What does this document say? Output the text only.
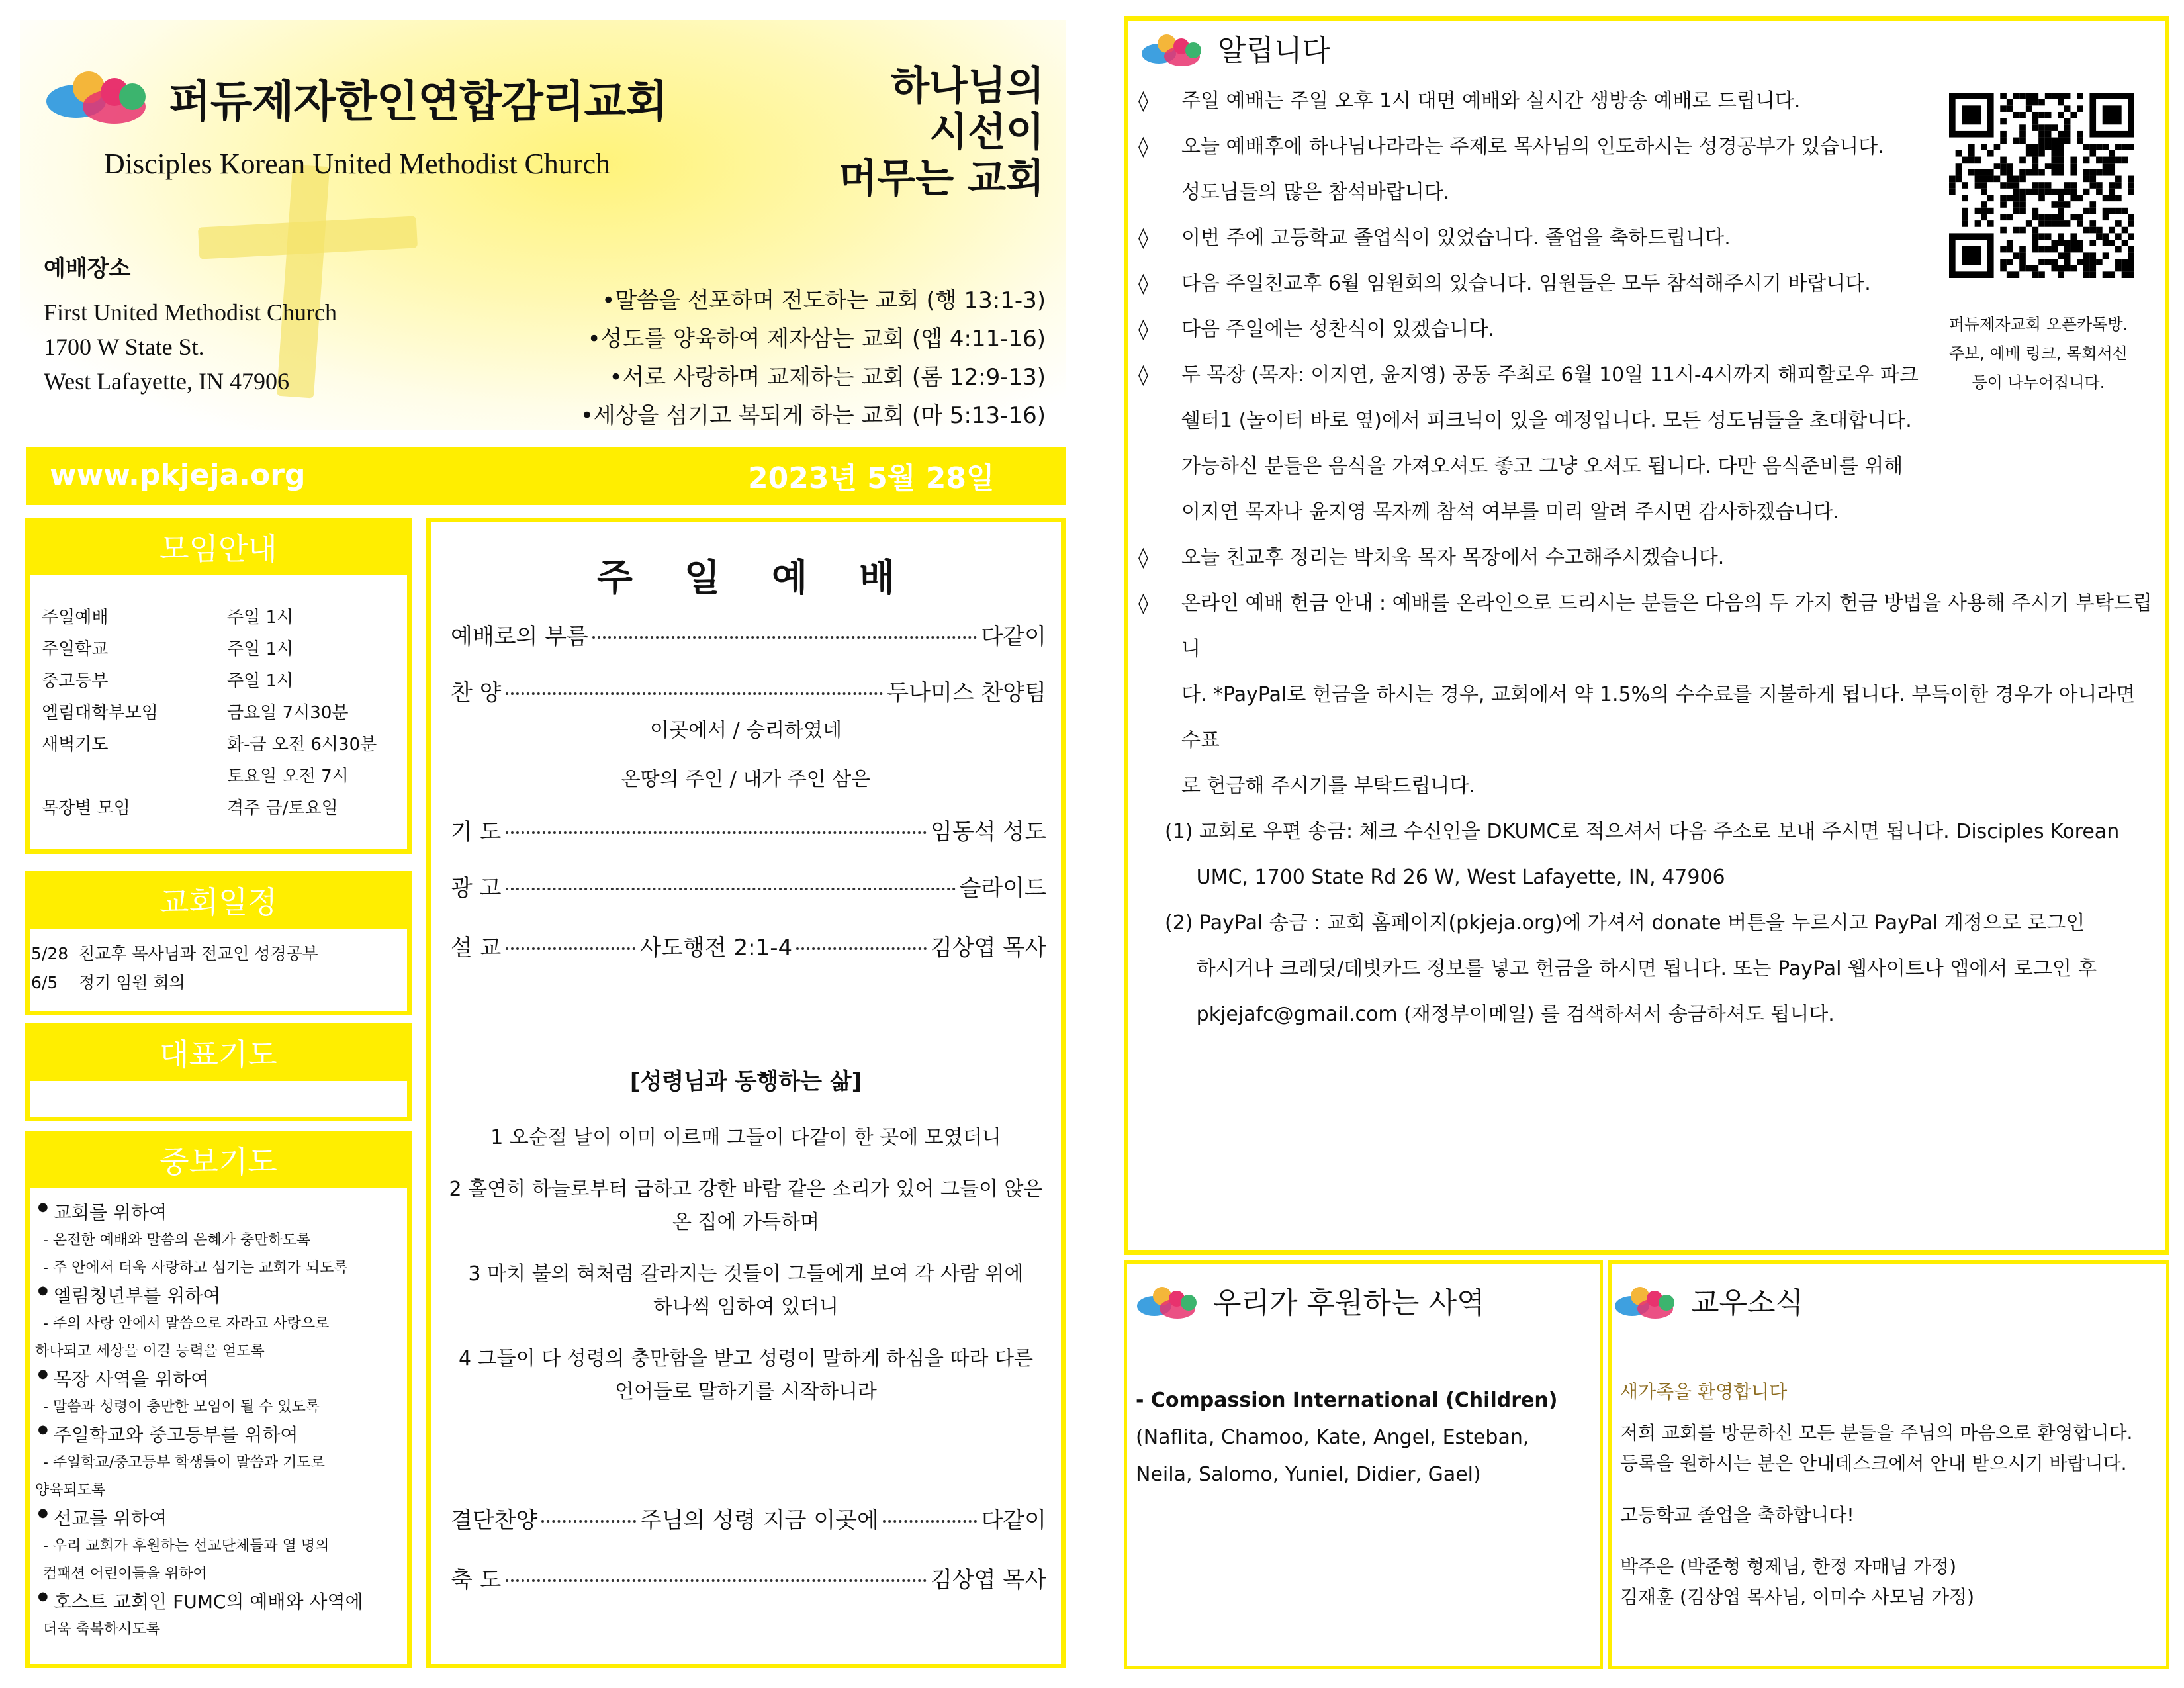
퍼듀제자한인연합감리교회
Disciples Korean United Methodist Church
하나님의
시선이
머무는 교회
예배장소
First United Methodist Church
1700 W State St.
West Lafayette, IN 47906
•말씀을 선포하며 전도하는 교회 (행 13:1-3)
•성도를 양육하여 제자삼는 교회 (엡 4:11-16)
•서로 사랑하며 교제하는 교회 (롬 12:9-13)
•세상을 섬기고 복되게 하는 교회 (마 5:13-16)
www.pkjeja.org	2023년 5월 28일
모임안내
주일예배	주일 1시
주일학교	주일 1시
중고등부	주일 1시
엘림대학부모임	금요일 7시30분
새벽기도	화-금 오전 6시30분
토요일 오전 7시
목장별 모임	격주 금/토요일
교회일정
5/28 친교후 목사님과 전교인 성경공부
6/5	정기 임원 회의
대표기도
중보기도
● 교회를 위하여
- 온전한 예배와 말씀의 은혜가 충만하도록
- 주 안에서 더욱 사랑하고 섬기는 교회가 되도록
● 엘림청년부를 위하여
- 주의 사랑 안에서 말씀으로 자라고 사랑으로
하나되고 세상을 이길 능력을 얻도록
● 목장 사역을 위하여
- 말씀과 성령이 충만한 모임이 될 수 있도록
● 주일학교와 중고등부를 위하여
- 주일학교/중고등부 학생들이 말씀과 기도로
양육되도록
● 선교를 위하여
- 우리 교회가 후원하는 선교단체들과 열 명의
컴패션 어린이들을 위하여
● 호스트 교회인 FUMC의 예배와 사역에
더욱 축복하시도록
주    일    예    배
예배로의 부름	다같이
찬 양	두나미스 찬양팀
이곳에서 / 승리하였네
온땅의 주인 / 내가 주인 삼은
기 도	임동석 성도
광 고	슬라이드
설 교	사도행전 2:1-4	김상엽 목사
[성령님과 동행하는 삶]
1 오순절 날이 이미 이르매 그들이 다같이 한 곳에 모였더니
2 홀연히 하늘로부터 급하고 강한 바람 같은 소리가 있어 그들이 앉은
온 집에 가득하며
3 마치 불의 혀처럼 갈라지는 것들이 그들에게 보여 각 사람 위에
하나씩 임하여 있더니
4 그들이 다 성령의 충만함을 받고 성령이 말하게 하심을 따라 다른
언어들로 말하기를 시작하니라
결단찬양	주님의 성령 지금 이곳에	다같이
축 도	김상엽 목사
알립니다
◊ 주일 예배는 주일 오후 1시 대면 예배와 실시간 생방송 예배로 드립니다.
◊ 오늘 예배후에 하나님나라라는 주제로 목사님의 인도하시는 성경공부가 있습니다.
성도님들의 많은 참석바랍니다.
◊ 이번 주에 고등학교 졸업식이 있었습니다. 졸업을 축하드립니다.
◊ 다음 주일친교후 6월 임원회의 있습니다. 임원들은 모두 참석해주시기 바랍니다.
◊ 다음 주일에는 성찬식이 있겠습니다.
◊ 두 목장 (목자: 이지연, 윤지영) 공동 주최로 6월 10일 11시-4시까지 해피할로우 파크
쉘터1 (놀이터 바로 옆)에서 피크닉이 있을 예정입니다. 모든 성도님들을 초대합니다.
가능하신 분들은 음식을 가져오셔도 좋고 그냥 오셔도 됩니다. 다만 음식준비를 위해
이지연 목자나 윤지영 목자께 참석 여부를 미리 알려 주시면 감사하겠습니다.
◊ 오늘 친교후 정리는 박치욱 목자 목장에서 수고해주시겠습니다.
◊ 온라인 예배 헌금 안내 : 예배를 온라인으로 드리시는 분들은 다음의 두 가지 헌금 방법을 사용해 주시기 부탁드립니
다. *PayPal로 헌금을 하시는 경우, 교회에서 약 1.5%의 수수료를 지불하게 됩니다. 부득이한 경우가 아니라면 수표
로 헌금해 주시기를 부탁드립니다.
(1) 교회로 우편 송금: 체크 수신인을 DKUMC로 적으셔서 다음 주소로 보내 주시면 됩니다. Disciples Korean
UMC, 1700 State Rd 26 W, West Lafayette, IN, 47906
(2) PayPal 송금 : 교회 홈페이지(pkjeja.org)에 가셔서 donate 버튼을 누르시고 PayPal 계정으로 로그인
하시거나 크레딧/데빗카드 정보를 넣고 헌금을 하시면 됩니다. 또는 PayPal 웹사이트나 앱에서 로그인 후
pkjejafc@gmail.com (재정부이메일) 를 검색하셔서 송금하셔도 됩니다.
퍼듀제자교회 오픈카톡방.
주보, 예배 링크, 목회서신
등이 나누어집니다.
우리가 후원하는 사역
- Compassion International (Children)
(Naflita, Chamoo, Kate, Angel, Esteban,
Neila, Salomo, Yuniel, Didier, Gael)
교우소식
새가족을 환영합니다
저희 교회를 방문하신 모든 분들을 주님의 마음으로 환영합니다.
등록을 원하시는 분은 안내데스크에서 안내 받으시기 바랍니다.
고등학교 졸업을 축하합니다!
박주은 (박준형 형제님, 한정 자매님 가정)
김재훈 (김상엽 목사님, 이미수 사모님 가정)
